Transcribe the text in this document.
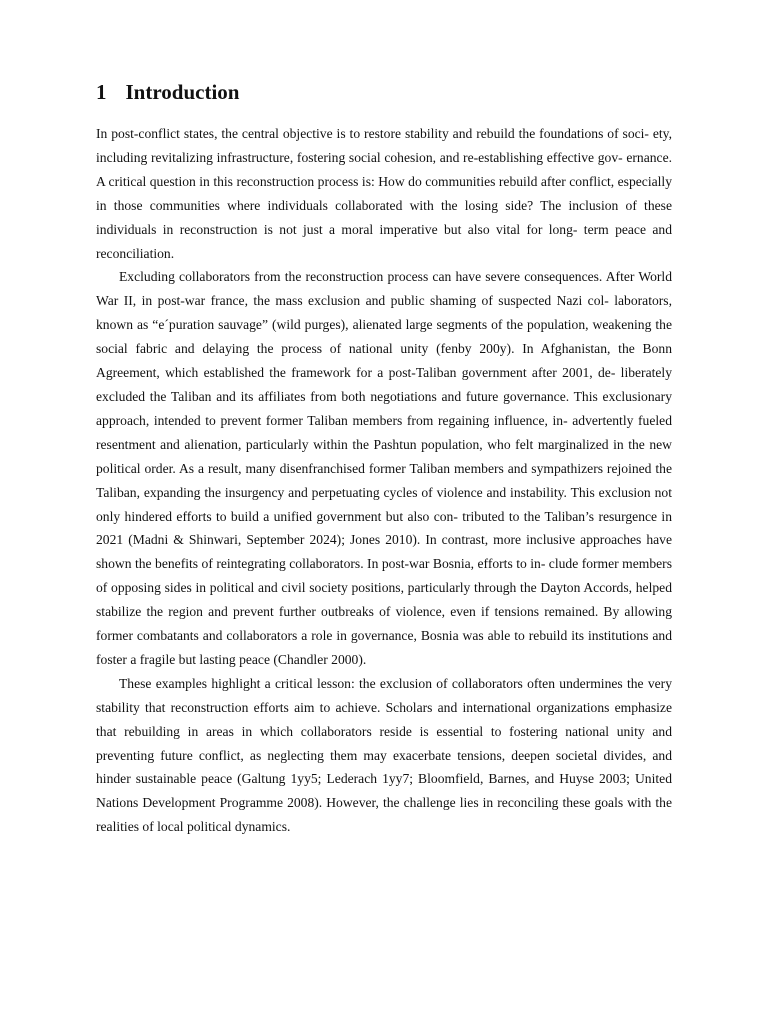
1 Introduction

In post-conflict states, the central objective is to restore stability and rebuild the foundations of soci- ety, including revitalizing infrastructure, fostering social cohesion, and re-establishing effective gov- ernance. A critical question in this reconstruction process is: How do communities rebuild after conflict, especially in those communities where individuals collaborated with the losing side? The inclusion of these individuals in reconstruction is not just a moral imperative but also vital for long- term peace and reconciliation.

Excluding collaborators from the reconstruction process can have severe consequences. After World War II, in post-war france, the mass exclusion and public shaming of suspected Nazi col- laborators, known as “e´puration sauvage” (wild purges), alienated large segments of the population, weakening the social fabric and delaying the process of national unity (fenby 200y). In Afghanistan, the Bonn Agreement, which established the framework for a post-Taliban government after 2001, de- liberately excluded the Taliban and its affiliates from both negotiations and future governance. This exclusionary approach, intended to prevent former Taliban members from regaining influence, in- advertently fueled resentment and alienation, particularly within the Pashtun population, who felt marginalized in the new political order. As a result, many disenfranchised former Taliban members and sympathizers rejoined the Taliban, expanding the insurgency and perpetuating cycles of violence and instability. This exclusion not only hindered efforts to build a unified government but also con- tributed to the Taliban’s resurgence in 2021 (Madni & Shinwari, September 2024); Jones 2010). In contrast, more inclusive approaches have shown the benefits of reintegrating collaborators. In post-war Bosnia, efforts to in- clude former members of opposing sides in political and civil society positions, particularly through the Dayton Accords, helped stabilize the region and prevent further outbreaks of violence, even if tensions remained. By allowing former combatants and collaborators a role in governance, Bosnia was able to rebuild its institutions and foster a fragile but lasting peace (Chandler 2000).

These examples highlight a critical lesson: the exclusion of collaborators often undermines the very stability that reconstruction efforts aim to achieve. Scholars and international organizations emphasize that rebuilding in areas in which collaborators reside is essential to fostering national unity and preventing future conflict, as neglecting them may exacerbate tensions, deepen societal divides, and hinder sustainable peace (Galtung 1yy5; Lederach 1yy7; Bloomfield, Barnes, and Huyse 2003; United Nations Development Programme 2008). However, the challenge lies in reconciling these goals with the realities of local political dynamics.
